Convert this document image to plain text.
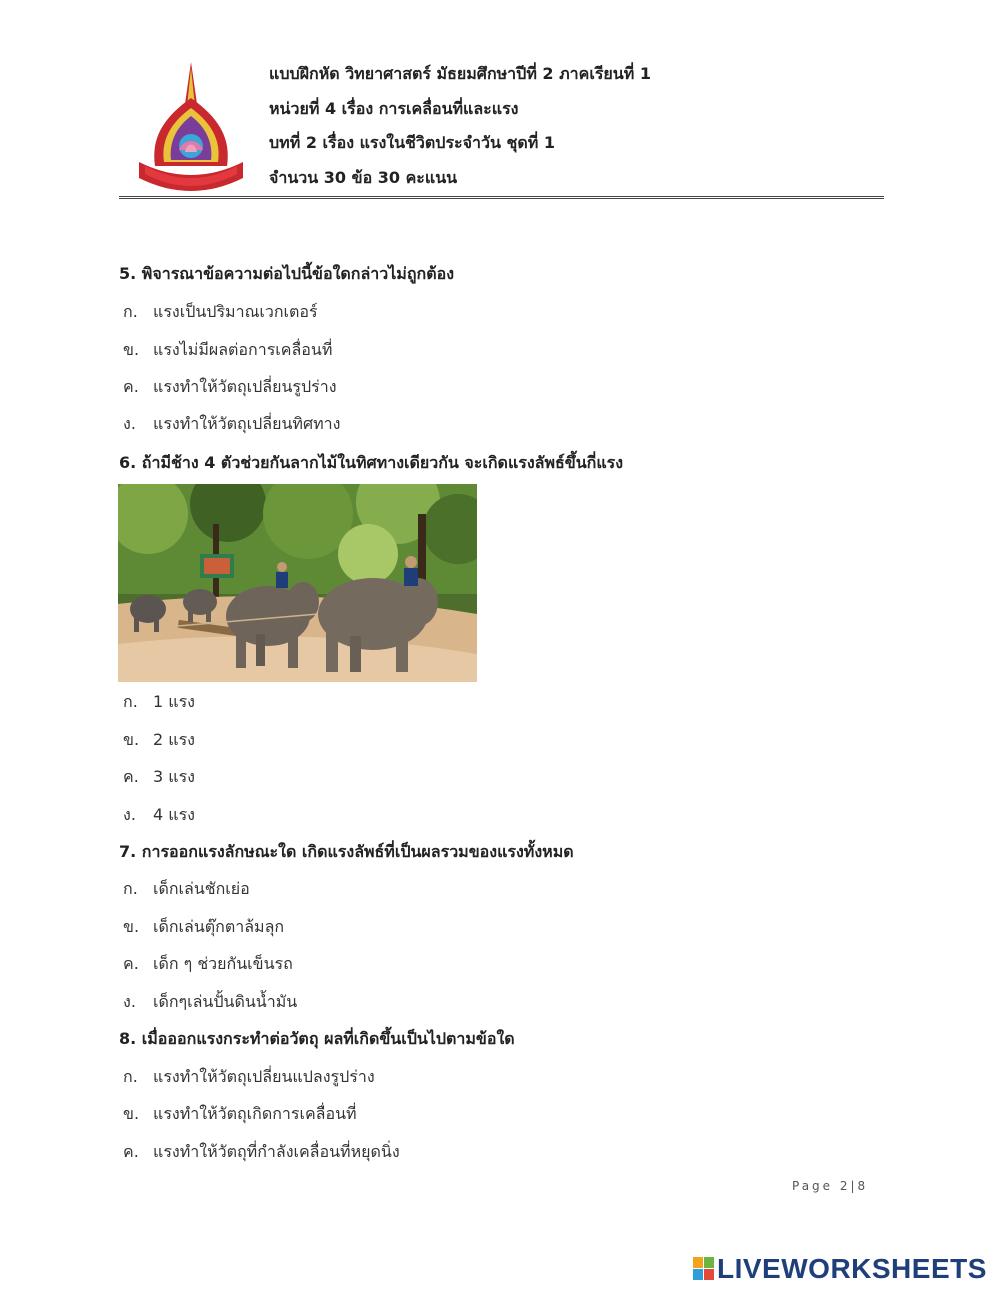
แบบฝึกหัด วิทยาศาสตร์ มัธยมศึกษาปีที่ 2 ภาคเรียนที่ 1
หน่วยที่ 4 เรื่อง การเคลื่อนที่และแรง
บทที่ 2 เรื่อง แรงในชีวิตประจำวัน ชุดที่ 1
จำนวน 30 ข้อ 30 คะแนน
5. พิจารณาข้อความต่อไปนี้ข้อใดกล่าวไม่ถูกต้อง
ก. แรงเป็นปริมาณเวกเตอร์
ข. แรงไม่มีผลต่อการเคลื่อนที่
ค. แรงทำให้วัตถุเปลี่ยนรูปร่าง
ง. แรงทำให้วัตถุเปลี่ยนทิศทาง
6. ถ้ามีช้าง 4 ตัวช่วยกันลากไม้ในทิศทางเดียวกัน จะเกิดแรงลัพธ์ขึ้นกี่แรง
ก. 1 แรง
ข. 2 แรง
ค. 3 แรง
ง. 4 แรง
7. การออกแรงลักษณะใด เกิดแรงลัพธ์ที่เป็นผลรวมของแรงทั้งหมด
ก. เด็กเล่นชักเย่อ
ข. เด็กเล่นตุ๊กตาล้มลุก
ค. เด็ก ๆ ช่วยกันเข็นรถ
ง. เด็กๆเล่นปั้นดินน้ำมัน
8. เมื่อออกแรงกระทำต่อวัตถุ ผลที่เกิดขึ้นเป็นไปตามข้อใด
ก. แรงทำให้วัตถุเปลี่ยนแปลงรูปร่าง
ข. แรงทำให้วัตถุเกิดการเคลื่อนที่
ค. แรงทำให้วัตถุที่กำลังเคลื่อนที่หยุดนิ่ง
Page 2|8
LIVEWORKSHEETS
